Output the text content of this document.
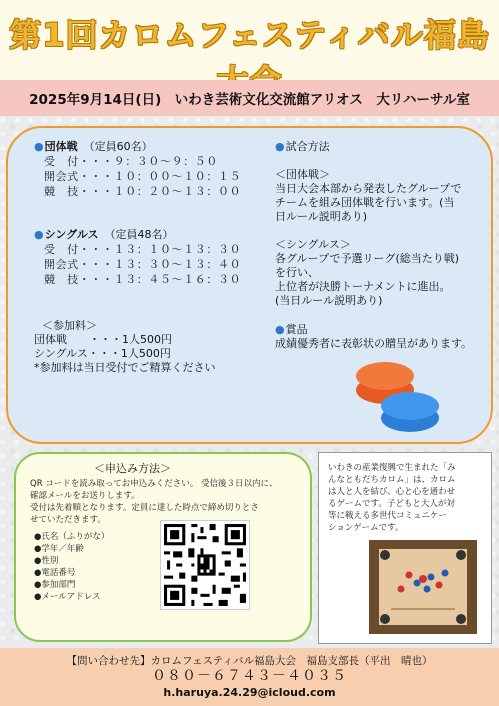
第1回カロムフェスティバル福島
2025年9月14日(日)　いわき芸術文化交流館アリオス　大リハーサル室
●団体戦 （定員60名）
受　付・・・９：３０～９：５０
開会式・・・１０：００～１０：１５
競　技・・・１０：２０～１３：００
●シングルス （定員48名）
受　付・・・１３：１０～１３：３０
開会式・・・１３：３０～１３：４０
競　技・・・１３：４５～１６：３０
＜参加料＞
団体戦　　・・・1人500円
シングルス・・・1人500円
*参加料は当日受付でご精算ください
●試合方法
＜団体戦＞
当日大会本部から発表したグループで
チームを組み団体戦を行います。(当
日ルール説明あり)
＜シングルス＞
各グループで予選リーグ(総当たり戦)
を行い、
上位者が決勝トーナメントに進出。
(当日ルール説明あり)
●賞品
成績優秀者に表彰状の贈呈があります。
＜申込み方法＞
QR コードを読み取ってお申込みください。 受信後３日以内に、
確認メールをお送りします。
受付は先着順となります。定員に達した時点で締め切りとさ
せていただきます。
●氏名（ふりがな）
●学年／年齢
●性別
●電話番号
●参加部門
●メールアドレス
いわきの産業復興で生まれた「み
んなともだちカロム」は、カロム
は人と人を結び、心と心を通わせ
るゲームです。子どもと大人が対
等に戦える多世代コミュニケー
ションゲームです。
【問い合わせ先】カロムフェスティバル福島大会　福島支部長（平出　晴也）
０８０－６７４３－４０３５
h.haruya.24.29@icloud.com
